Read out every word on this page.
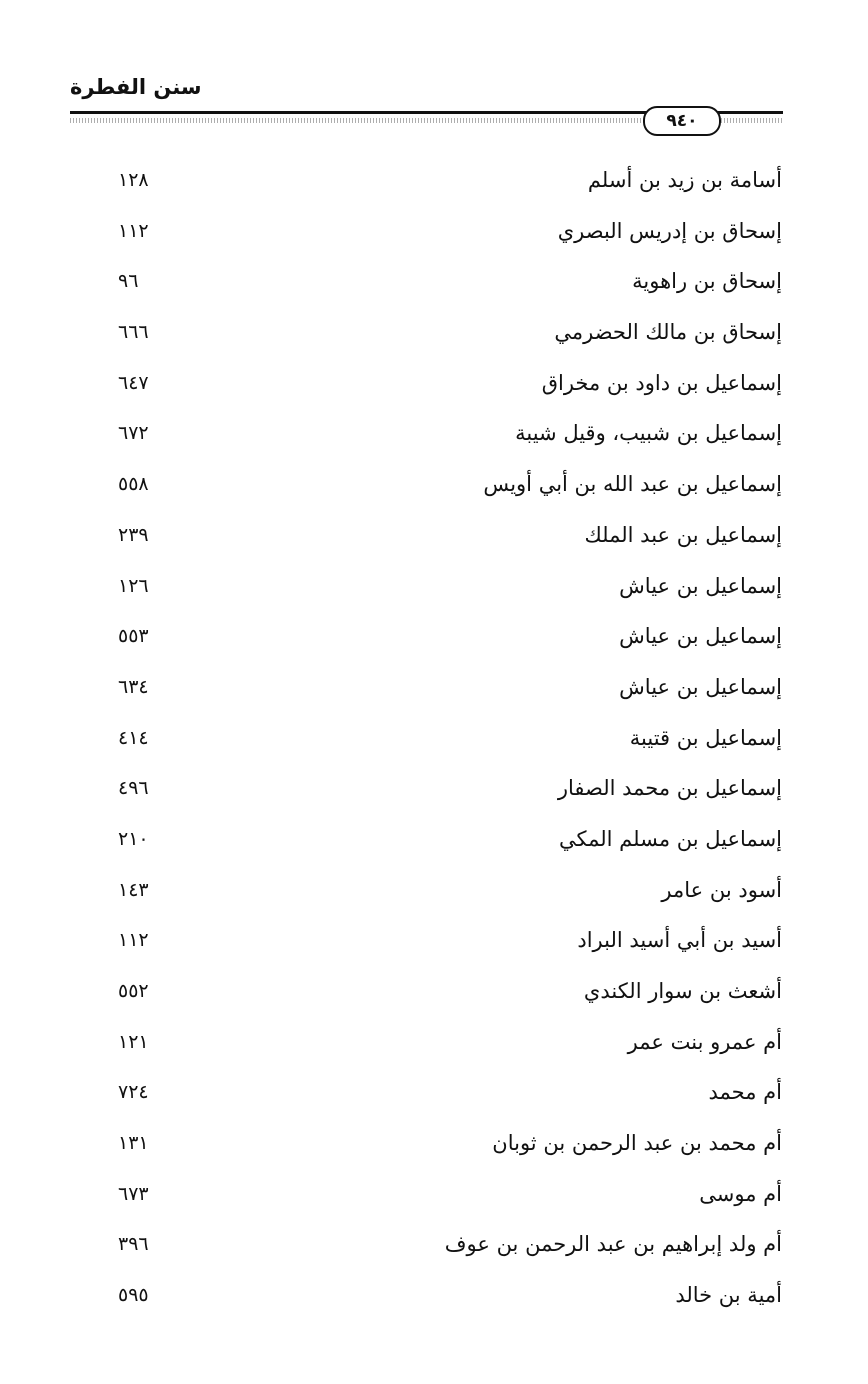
سنن الفطرة
٩٤٠
أسامة بن زيد بن أسلم
١٢٨
إسحاق بن إدريس البصري
١١٢
إسحاق بن راهوية
٩٦
إسحاق بن مالك الحضرمي
٦٦٦
إسماعيل بن داود بن مخراق
٦٤٧
إسماعيل بن شبيب، وقيل شيبة
٦٧٢
إسماعيل بن عبد الله بن أبي أويس
٥٥٨
إسماعيل بن عبد الملك
٢٣٩
إسماعيل بن عياش
١٢٦
إسماعيل بن عياش
٥٥٣
إسماعيل بن عياش
٦٣٤
إسماعيل بن قتيبة
٤١٤
إسماعيل بن محمد الصفار
٤٩٦
إسماعيل بن مسلم المكي
٢١٠
أسود بن عامر
١٤٣
أسيد بن أبي أسيد البراد
١١٢
أشعث بن سوار الكندي
٥٥٢
أم عمرو بنت عمر
١٢١
أم محمد
٧٢٤
أم محمد بن عبد الرحمن بن ثوبان
١٣١
أم موسى
٦٧٣
أم ولد إبراهيم بن عبد الرحمن بن عوف
٣٩٦
أمية بن خالد
٥٩٥
